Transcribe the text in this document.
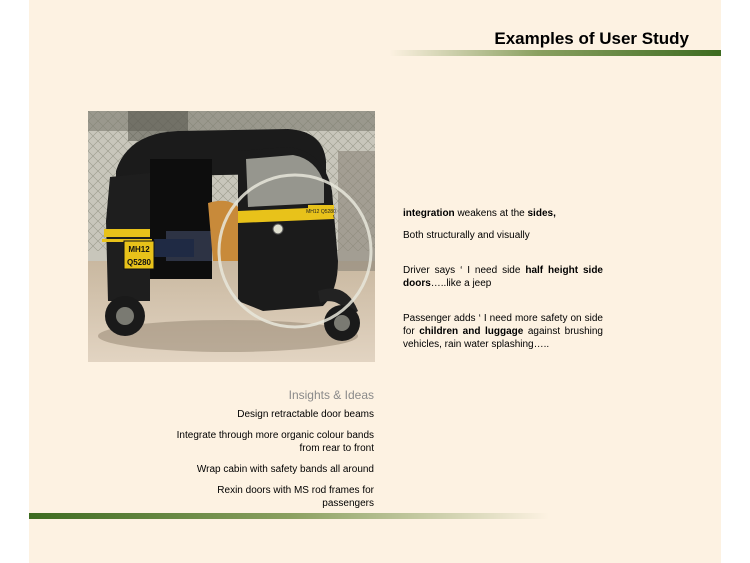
Examples of User Study
MH12 Q5280
MH12
Q5280

integration weakens at the sides,

Both structurally and visually

Driver says ‘ I need side half height side doors…..like a jeep

Passenger adds ‘ I need more safety on side for children and luggage against brushing vehicles, rain water splashing…..

Insights & Ideas
Design retractable door beams
Integrate through more organic colour bands from rear to front
Wrap cabin with safety bands all around
Rexin doors with MS rod frames for passengers
